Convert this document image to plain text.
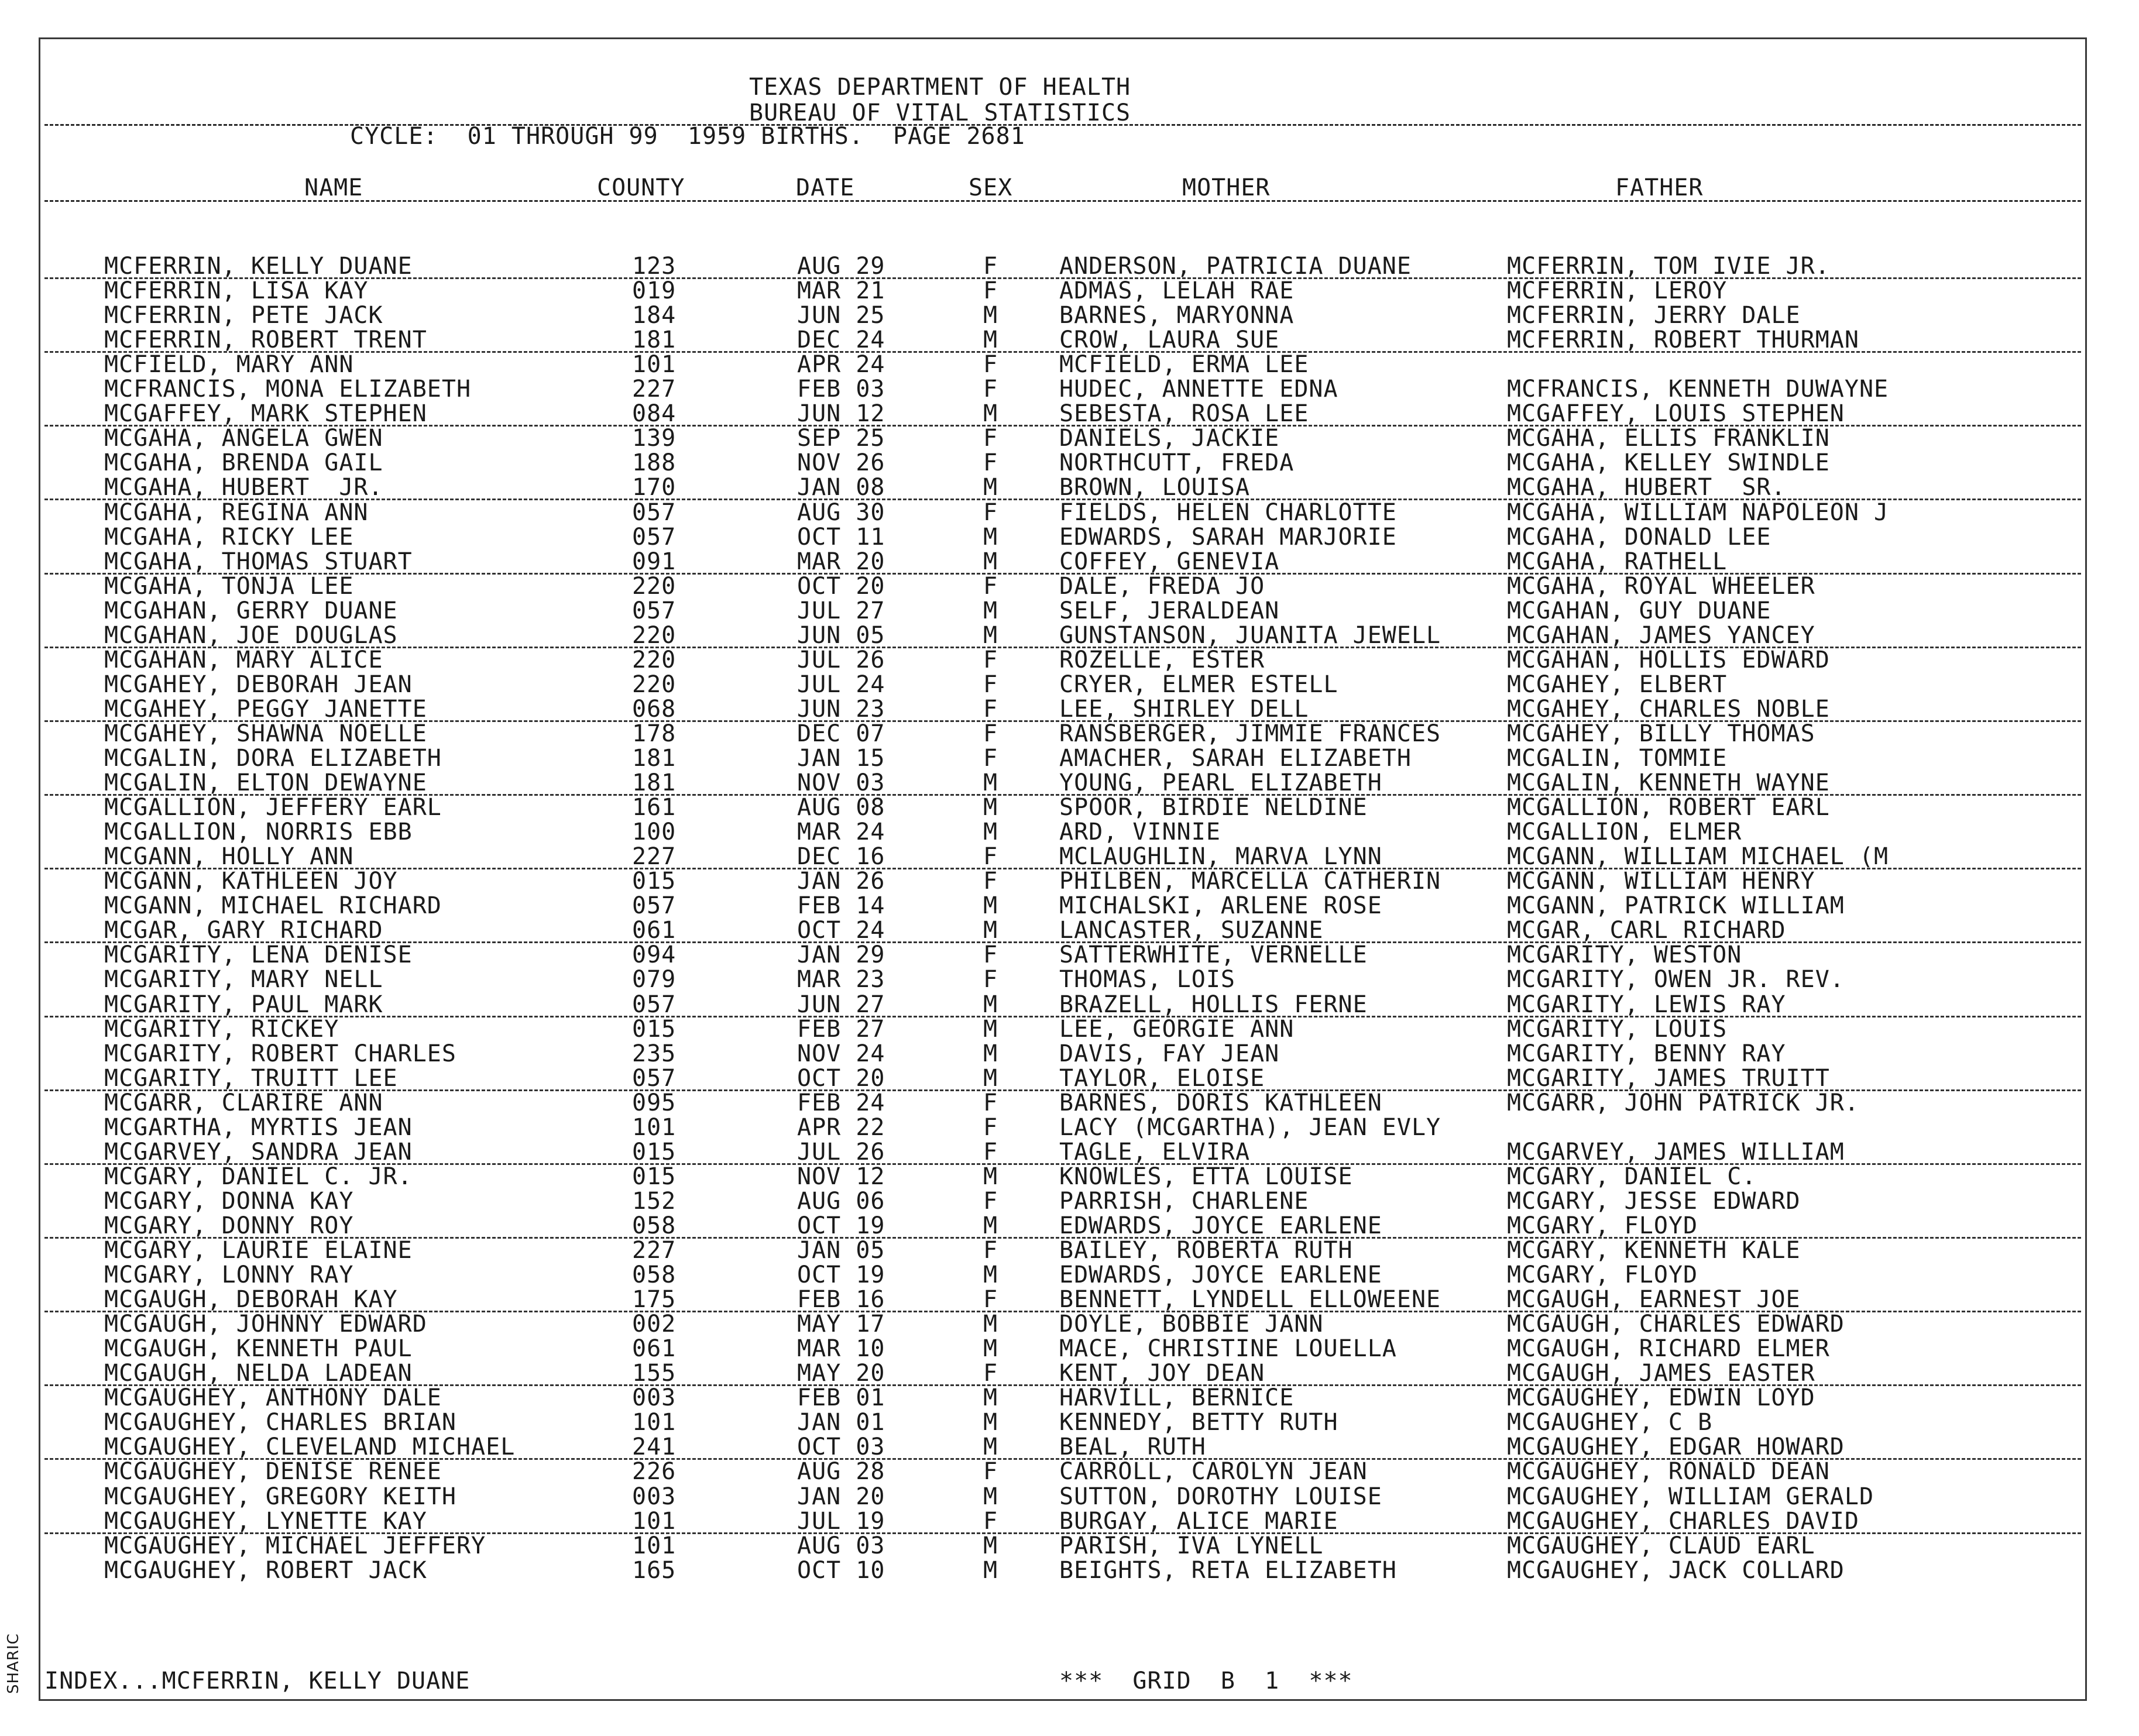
TEXAS DEPARTMENT OF HEALTH
BUREAU OF VITAL STATISTICS
CYCLE:  01 THROUGH 99  1959 BIRTHS.  PAGE 2681
NAME	COUNTY	DATE	SEX	MOTHER	FATHER
MCFERRIN, KELLY DUANE	123	AUG 29	F	ANDERSON, PATRICIA DUANE	MCFERRIN, TOM IVIE JR.
MCFERRIN, LISA KAY	019	MAR 21	F	ADMAS, LELAH RAE	MCFERRIN, LEROY
MCFERRIN, PETE JACK	184	JUN 25	M	BARNES, MARYONNA	MCFERRIN, JERRY DALE
MCFERRIN, ROBERT TRENT	181	DEC 24	M	CROW, LAURA SUE	MCFERRIN, ROBERT THURMAN
MCFIELD, MARY ANN	101	APR 24	F	MCFIELD, ERMA LEE
MCFRANCIS, MONA ELIZABETH	227	FEB 03	F	HUDEC, ANNETTE EDNA	MCFRANCIS, KENNETH DUWAYNE
MCGAFFEY, MARK STEPHEN	084	JUN 12	M	SEBESTA, ROSA LEE	MCGAFFEY, LOUIS STEPHEN
MCGAHA, ANGELA GWEN	139	SEP 25	F	DANIELS, JACKIE	MCGAHA, ELLIS FRANKLIN
MCGAHA, BRENDA GAIL	188	NOV 26	F	NORTHCUTT, FREDA	MCGAHA, KELLEY SWINDLE
MCGAHA, HUBERT  JR.	170	JAN 08	M	BROWN, LOUISA	MCGAHA, HUBERT  SR.
MCGAHA, REGINA ANN	057	AUG 30	F	FIELDS, HELEN CHARLOTTE	MCGAHA, WILLIAM NAPOLEON J
MCGAHA, RICKY LEE	057	OCT 11	M	EDWARDS, SARAH MARJORIE	MCGAHA, DONALD LEE
MCGAHA, THOMAS STUART	091	MAR 20	M	COFFEY, GENEVIA	MCGAHA, RATHELL
MCGAHA, TONJA LEE	220	OCT 20	F	DALE, FREDA JO	MCGAHA, ROYAL WHEELER
MCGAHAN, GERRY DUANE	057	JUL 27	M	SELF, JERALDEAN	MCGAHAN, GUY DUANE
MCGAHAN, JOE DOUGLAS	220	JUN 05	M	GUNSTANSON, JUANITA JEWELL	MCGAHAN, JAMES YANCEY
MCGAHAN, MARY ALICE	220	JUL 26	F	ROZELLE, ESTER	MCGAHAN, HOLLIS EDWARD
MCGAHEY, DEBORAH JEAN	220	JUL 24	F	CRYER, ELMER ESTELL	MCGAHEY, ELBERT
MCGAHEY, PEGGY JANETTE	068	JUN 23	F	LEE, SHIRLEY DELL	MCGAHEY, CHARLES NOBLE
MCGAHEY, SHAWNA NOELLE	178	DEC 07	F	RANSBERGER, JIMMIE FRANCES	MCGAHEY, BILLY THOMAS
MCGALIN, DORA ELIZABETH	181	JAN 15	F	AMACHER, SARAH ELIZABETH	MCGALIN, TOMMIE
MCGALIN, ELTON DEWAYNE	181	NOV 03	M	YOUNG, PEARL ELIZABETH	MCGALIN, KENNETH WAYNE
MCGALLION, JEFFERY EARL	161	AUG 08	M	SPOOR, BIRDIE NELDINE	MCGALLION, ROBERT EARL
MCGALLION, NORRIS EBB	100	MAR 24	M	ARD, VINNIE	MCGALLION, ELMER
MCGANN, HOLLY ANN	227	DEC 16	F	MCLAUGHLIN, MARVA LYNN	MCGANN, WILLIAM MICHAEL (M
MCGANN, KATHLEEN JOY	015	JAN 26	F	PHILBEN, MARCELLA CATHERIN	MCGANN, WILLIAM HENRY
MCGANN, MICHAEL RICHARD	057	FEB 14	M	MICHALSKI, ARLENE ROSE	MCGANN, PATRICK WILLIAM
MCGAR, GARY RICHARD	061	OCT 24	M	LANCASTER, SUZANNE	MCGAR, CARL RICHARD
MCGARITY, LENA DENISE	094	JAN 29	F	SATTERWHITE, VERNELLE	MCGARITY, WESTON
MCGARITY, MARY NELL	079	MAR 23	F	THOMAS, LOIS	MCGARITY, OWEN JR. REV.
MCGARITY, PAUL MARK	057	JUN 27	M	BRAZELL, HOLLIS FERNE	MCGARITY, LEWIS RAY
MCGARITY, RICKEY	015	FEB 27	M	LEE, GEORGIE ANN	MCGARITY, LOUIS
MCGARITY, ROBERT CHARLES	235	NOV 24	M	DAVIS, FAY JEAN	MCGARITY, BENNY RAY
MCGARITY, TRUITT LEE	057	OCT 20	M	TAYLOR, ELOISE	MCGARITY, JAMES TRUITT
MCGARR, CLARIRE ANN	095	FEB 24	F	BARNES, DORIS KATHLEEN	MCGARR, JOHN PATRICK JR.
MCGARTHA, MYRTIS JEAN	101	APR 22	F	LACY (MCGARTHA), JEAN EVLY
MCGARVEY, SANDRA JEAN	015	JUL 26	F	TAGLE, ELVIRA	MCGARVEY, JAMES WILLIAM
MCGARY, DANIEL C. JR.	015	NOV 12	M	KNOWLES, ETTA LOUISE	MCGARY, DANIEL C.
MCGARY, DONNA KAY	152	AUG 06	F	PARRISH, CHARLENE	MCGARY, JESSE EDWARD
MCGARY, DONNY ROY	058	OCT 19	M	EDWARDS, JOYCE EARLENE	MCGARY, FLOYD
MCGARY, LAURIE ELAINE	227	JAN 05	F	BAILEY, ROBERTA RUTH	MCGARY, KENNETH KALE
MCGARY, LONNY RAY	058	OCT 19	M	EDWARDS, JOYCE EARLENE	MCGARY, FLOYD
MCGAUGH, DEBORAH KAY	175	FEB 16	F	BENNETT, LYNDELL ELLOWEENE	MCGAUGH, EARNEST JOE
MCGAUGH, JOHNNY EDWARD	002	MAY 17	M	DOYLE, BOBBIE JANN	MCGAUGH, CHARLES EDWARD
MCGAUGH, KENNETH PAUL	061	MAR 10	M	MACE, CHRISTINE LOUELLA	MCGAUGH, RICHARD ELMER
MCGAUGH, NELDA LADEAN	155	MAY 20	F	KENT, JOY DEAN	MCGAUGH, JAMES EASTER
MCGAUGHEY, ANTHONY DALE	003	FEB 01	M	HARVILL, BERNICE	MCGAUGHEY, EDWIN LOYD
MCGAUGHEY, CHARLES BRIAN	101	JAN 01	M	KENNEDY, BETTY RUTH	MCGAUGHEY, C B
MCGAUGHEY, CLEVELAND MICHAEL	241	OCT 03	M	BEAL, RUTH	MCGAUGHEY, EDGAR HOWARD
MCGAUGHEY, DENISE RENEE	226	AUG 28	F	CARROLL, CAROLYN JEAN	MCGAUGHEY, RONALD DEAN
MCGAUGHEY, GREGORY KEITH	003	JAN 20	M	SUTTON, DOROTHY LOUISE	MCGAUGHEY, WILLIAM GERALD
MCGAUGHEY, LYNETTE KAY	101	JUL 19	F	BURGAY, ALICE MARIE	MCGAUGHEY, CHARLES DAVID
MCGAUGHEY, MICHAEL JEFFERY	101	AUG 03	M	PARISH, IVA LYNELL	MCGAUGHEY, CLAUD EARL
MCGAUGHEY, ROBERT JACK	165	OCT 10	M	BEIGHTS, RETA ELIZABETH	MCGAUGHEY, JACK COLLARD
INDEX...MCFERRIN, KELLY DUANE	***  GRID  B  1  ***
SHARIC
